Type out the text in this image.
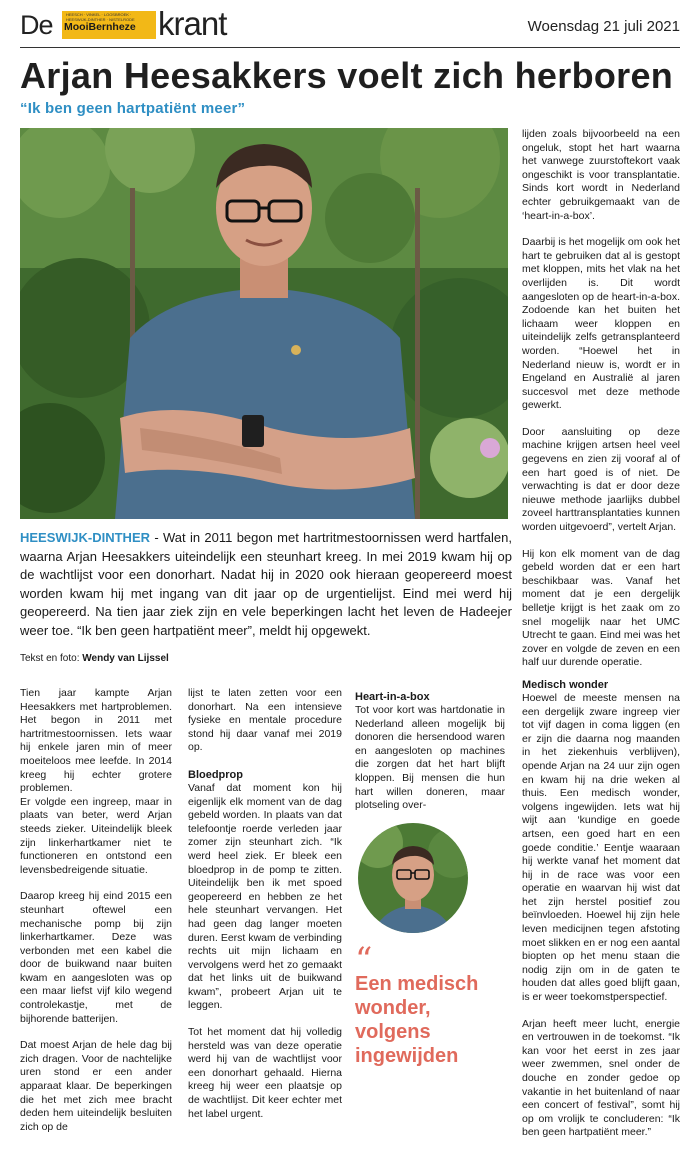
De	HEESCH · VINKEL · LOOSBROEK · HEESWIJK-DINTHER · NISTELRODE
MooiBernheze krant	Woensdag 21 juli 2021
Arjan Heesakkers voelt zich herboren
“Ik ben geen hartpatiënt meer”
HEESWIJK-DINTHER - Wat in 2011 begon met hartritmestoornissen werd hartfalen, waarna Arjan Heesakkers uiteindelijk een steunhart kreeg. In mei 2019 kwam hij op de wachtlijst voor een donorhart. Nadat hij in 2020 ook hieraan geopereerd moest worden kwam hij met ingang van dit jaar op de urgentielijst. Eind mei werd hij geopereerd. Na tien jaar ziek zijn en vele beperkingen lacht het leven de Hadeejer weer toe. “Ik ben geen hartpatiënt meer”, meldt hij opgewekt.
Tekst en foto: Wendy van Lijssel

Tien jaar kampte Arjan Heesakkers met hartproblemen. Het begon in 2011 met hartritmestoornissen. Iets waar hij enkele jaren min of meer moeiteloos mee leefde. In 2014 kreeg hij echter grotere problemen.

Er volgde een ingreep, maar in plaats van beter, werd Arjan steeds zieker. Uiteindelijk bleek zijn linkerhartkamer niet te functioneren en ontstond een levensbedreigende situatie.

Daarop kreeg hij eind 2015 een steunhart oftewel een mechanische pomp bij zijn linkerhartkamer. Deze was verbonden met een kabel die door de buikwand naar buiten kwam en aangesloten was op een maar liefst vijf kilo wegend controlekastje, met de bijhorende batterijen.

Dat moest Arjan de hele dag bij zich dragen. Voor de nachtelijke uren stond er een ander apparaat klaar. De beperkingen die het met zich mee bracht deden hem uiteindelijk besluiten zich op de

lijst te laten zetten voor een donorhart. Na een intensieve fysieke en mentale procedure stond hij daar vanaf mei 2019 op.

Bloedprop

Vanaf dat moment kon hij eigenlijk elk moment van de dag gebeld worden. In plaats van dat telefoontje roerde verleden jaar zomer zijn steunhart zich. “Ik werd heel ziek. Er bleek een bloedprop in de pomp te zitten. Uiteindelijk ben ik met spoed geopereerd en hebben ze het hele steunhart vervangen. Het had geen dag langer moeten duren. Eerst kwam de verbinding rechts uit mijn lichaam en vervolgens werd het zo gemaakt dat het links uit de buikwand kwam”, probeert Arjan uit te leggen.

Tot het moment dat hij volledig hersteld was van deze operatie werd hij van de wachtlijst voor een donorhart gehaald. Hierna kreeg hij weer een plaatsje op de wachtlijst. Dit keer echter met het label urgent.

Heart-in-a-box

Tot voor kort was hartdonatie in Nederland alleen mogelijk bij donoren die hersendood waren en aangesloten op machines die zorgen dat het hart blijft kloppen. Bij mensen die hun hart willen doneren, maar plotseling over-

“
Een medisch wonder, volgens ingewijden

lijden zoals bijvoorbeeld na een ongeluk, stopt het hart waarna het vanwege zuurstoftekort vaak ongeschikt is voor transplantatie. Sinds kort wordt in Nederland echter gebruikgemaakt van de ‘heart-in-a-box’.

Daarbij is het mogelijk om ook het hart te gebruiken dat al is gestopt met kloppen, mits het vlak na het overlijden is. Dit wordt aangesloten op de heart-in-a-box. Zodoende kan het buiten het lichaam weer kloppen en uiteindelijk zelfs getransplanteerd worden. “Hoewel het in Nederland nieuw is, wordt er in Engeland en Australië al jaren succesvol met deze methode gewerkt.

Door aansluiting op deze machine krijgen artsen heel veel gegevens en zien zij vooraf al of een hart goed is of niet. De verwachting is dat er door deze nieuwe methode jaarlijks dubbel zoveel harttransplantaties kunnen worden uitgevoerd”, vertelt Arjan.

Hij kon elk moment van de dag gebeld worden dat er een hart beschikbaar was. Vanaf het moment dat je een dergelijk belletje krijgt is het zaak om zo snel mogelijk naar het UMC Utrecht te gaan. Eind mei was het zover en volgde de zeven en een half uur durende operatie.

Medisch wonder

Hoewel de meeste mensen na een dergelijk zware ingreep vier tot vijf dagen in coma liggen (en er zijn die daarna nog maanden in het ziekenhuis verblijven), opende Arjan na 24 uur zijn ogen en kwam hij na drie weken al thuis. Een medisch wonder, volgens ingewijden. Iets wat hij wijt aan ‘kundige en goede artsen, een goed hart en een goede conditie.’ Eentje waaraan hij werkte vanaf het moment dat hij in de race was voor een operatie en waarvan hij wist dat het zijn herstel positief zou beïnvloeden. Hoewel hij zijn hele leven medicijnen tegen afstoting moet slikken en er nog een aantal biopten op het menu staan die nodig zijn om in de gaten te houden dat alles goed blijft gaan, is er weer toekomstperspectief.

Arjan heeft meer lucht, energie en vertrouwen in de toekomst. “Ik kan voor het eerst in zes jaar weer zwemmen, snel onder de douche en zonder gedoe op vakantie in het buitenland of naar een concert of festival”, somt hij op om vrolijk te concluderen: “Ik ben geen hartpatiënt meer.”
